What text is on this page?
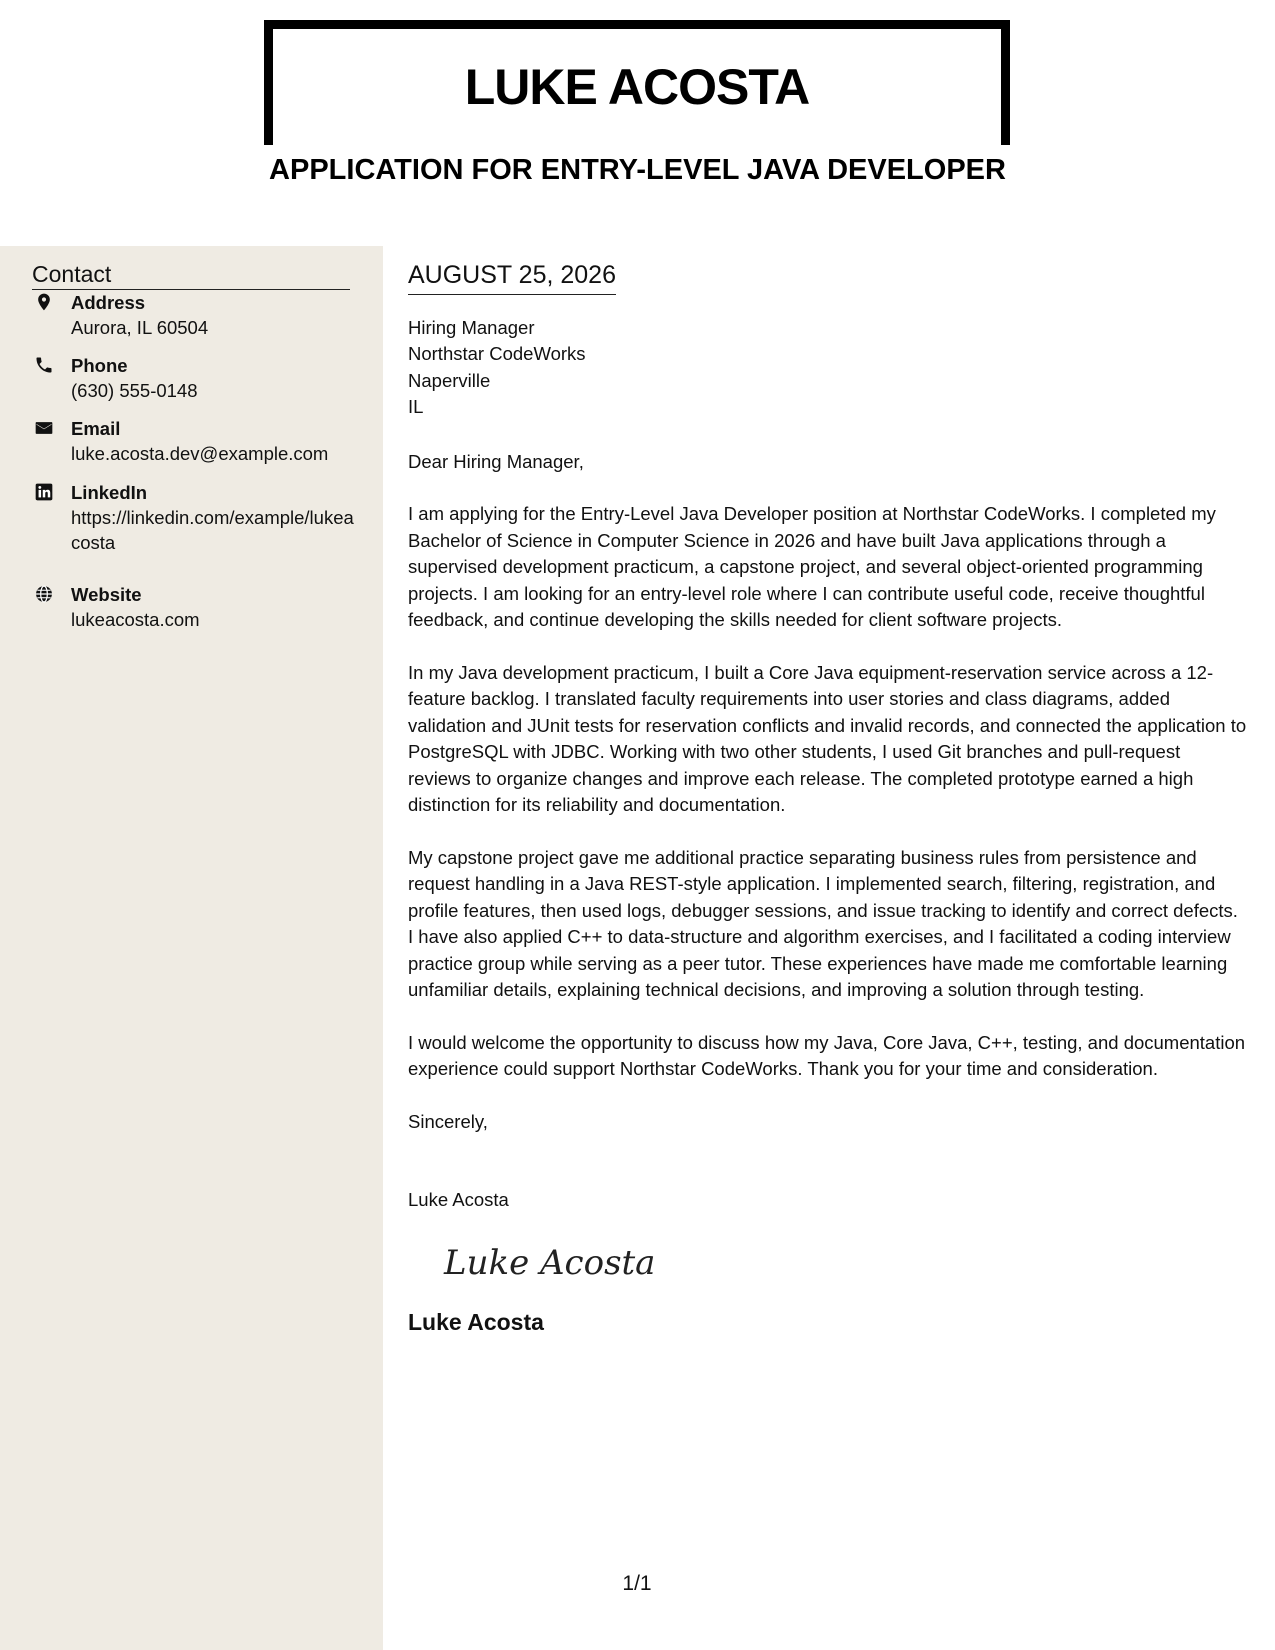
LUKE ACOSTA
APPLICATION FOR ENTRY-LEVEL JAVA DEVELOPER
Contact
Address
Aurora, IL 60504
Phone
(630) 555-0148
Email
luke.acosta.dev@example.com
LinkedIn
https://linkedin.com/example/lukeacosta
Website
lukeacosta.com
AUGUST 25, 2026
Hiring Manager
Northstar CodeWorks
Naperville
IL
Dear Hiring Manager,
I am applying for the Entry-Level Java Developer position at Northstar CodeWorks. I completed my Bachelor of Science in Computer Science in 2026 and have built Java applications through a supervised development practicum, a capstone project, and several object-oriented programming projects. I am looking for an entry-level role where I can contribute useful code, receive thoughtful feedback, and continue developing the skills needed for client software projects.
In my Java development practicum, I built a Core Java equipment-reservation service across a 12-feature backlog. I translated faculty requirements into user stories and class diagrams, added validation and JUnit tests for reservation conflicts and invalid records, and connected the application to PostgreSQL with JDBC. Working with two other students, I used Git branches and pull-request reviews to organize changes and improve each release. The completed prototype earned a high distinction for its reliability and documentation.
My capstone project gave me additional practice separating business rules from persistence and request handling in a Java REST-style application. I implemented search, filtering, registration, and profile features, then used logs, debugger sessions, and issue tracking to identify and correct defects. I have also applied C++ to data-structure and algorithm exercises, and I facilitated a coding interview practice group while serving as a peer tutor. These experiences have made me comfortable learning unfamiliar details, explaining technical decisions, and improving a solution through testing.
I would welcome the opportunity to discuss how my Java, Core Java, C++, testing, and documentation experience could support Northstar CodeWorks. Thank you for your time and consideration.
Sincerely,
Luke Acosta
Luke Acosta
Luke Acosta
1/1
